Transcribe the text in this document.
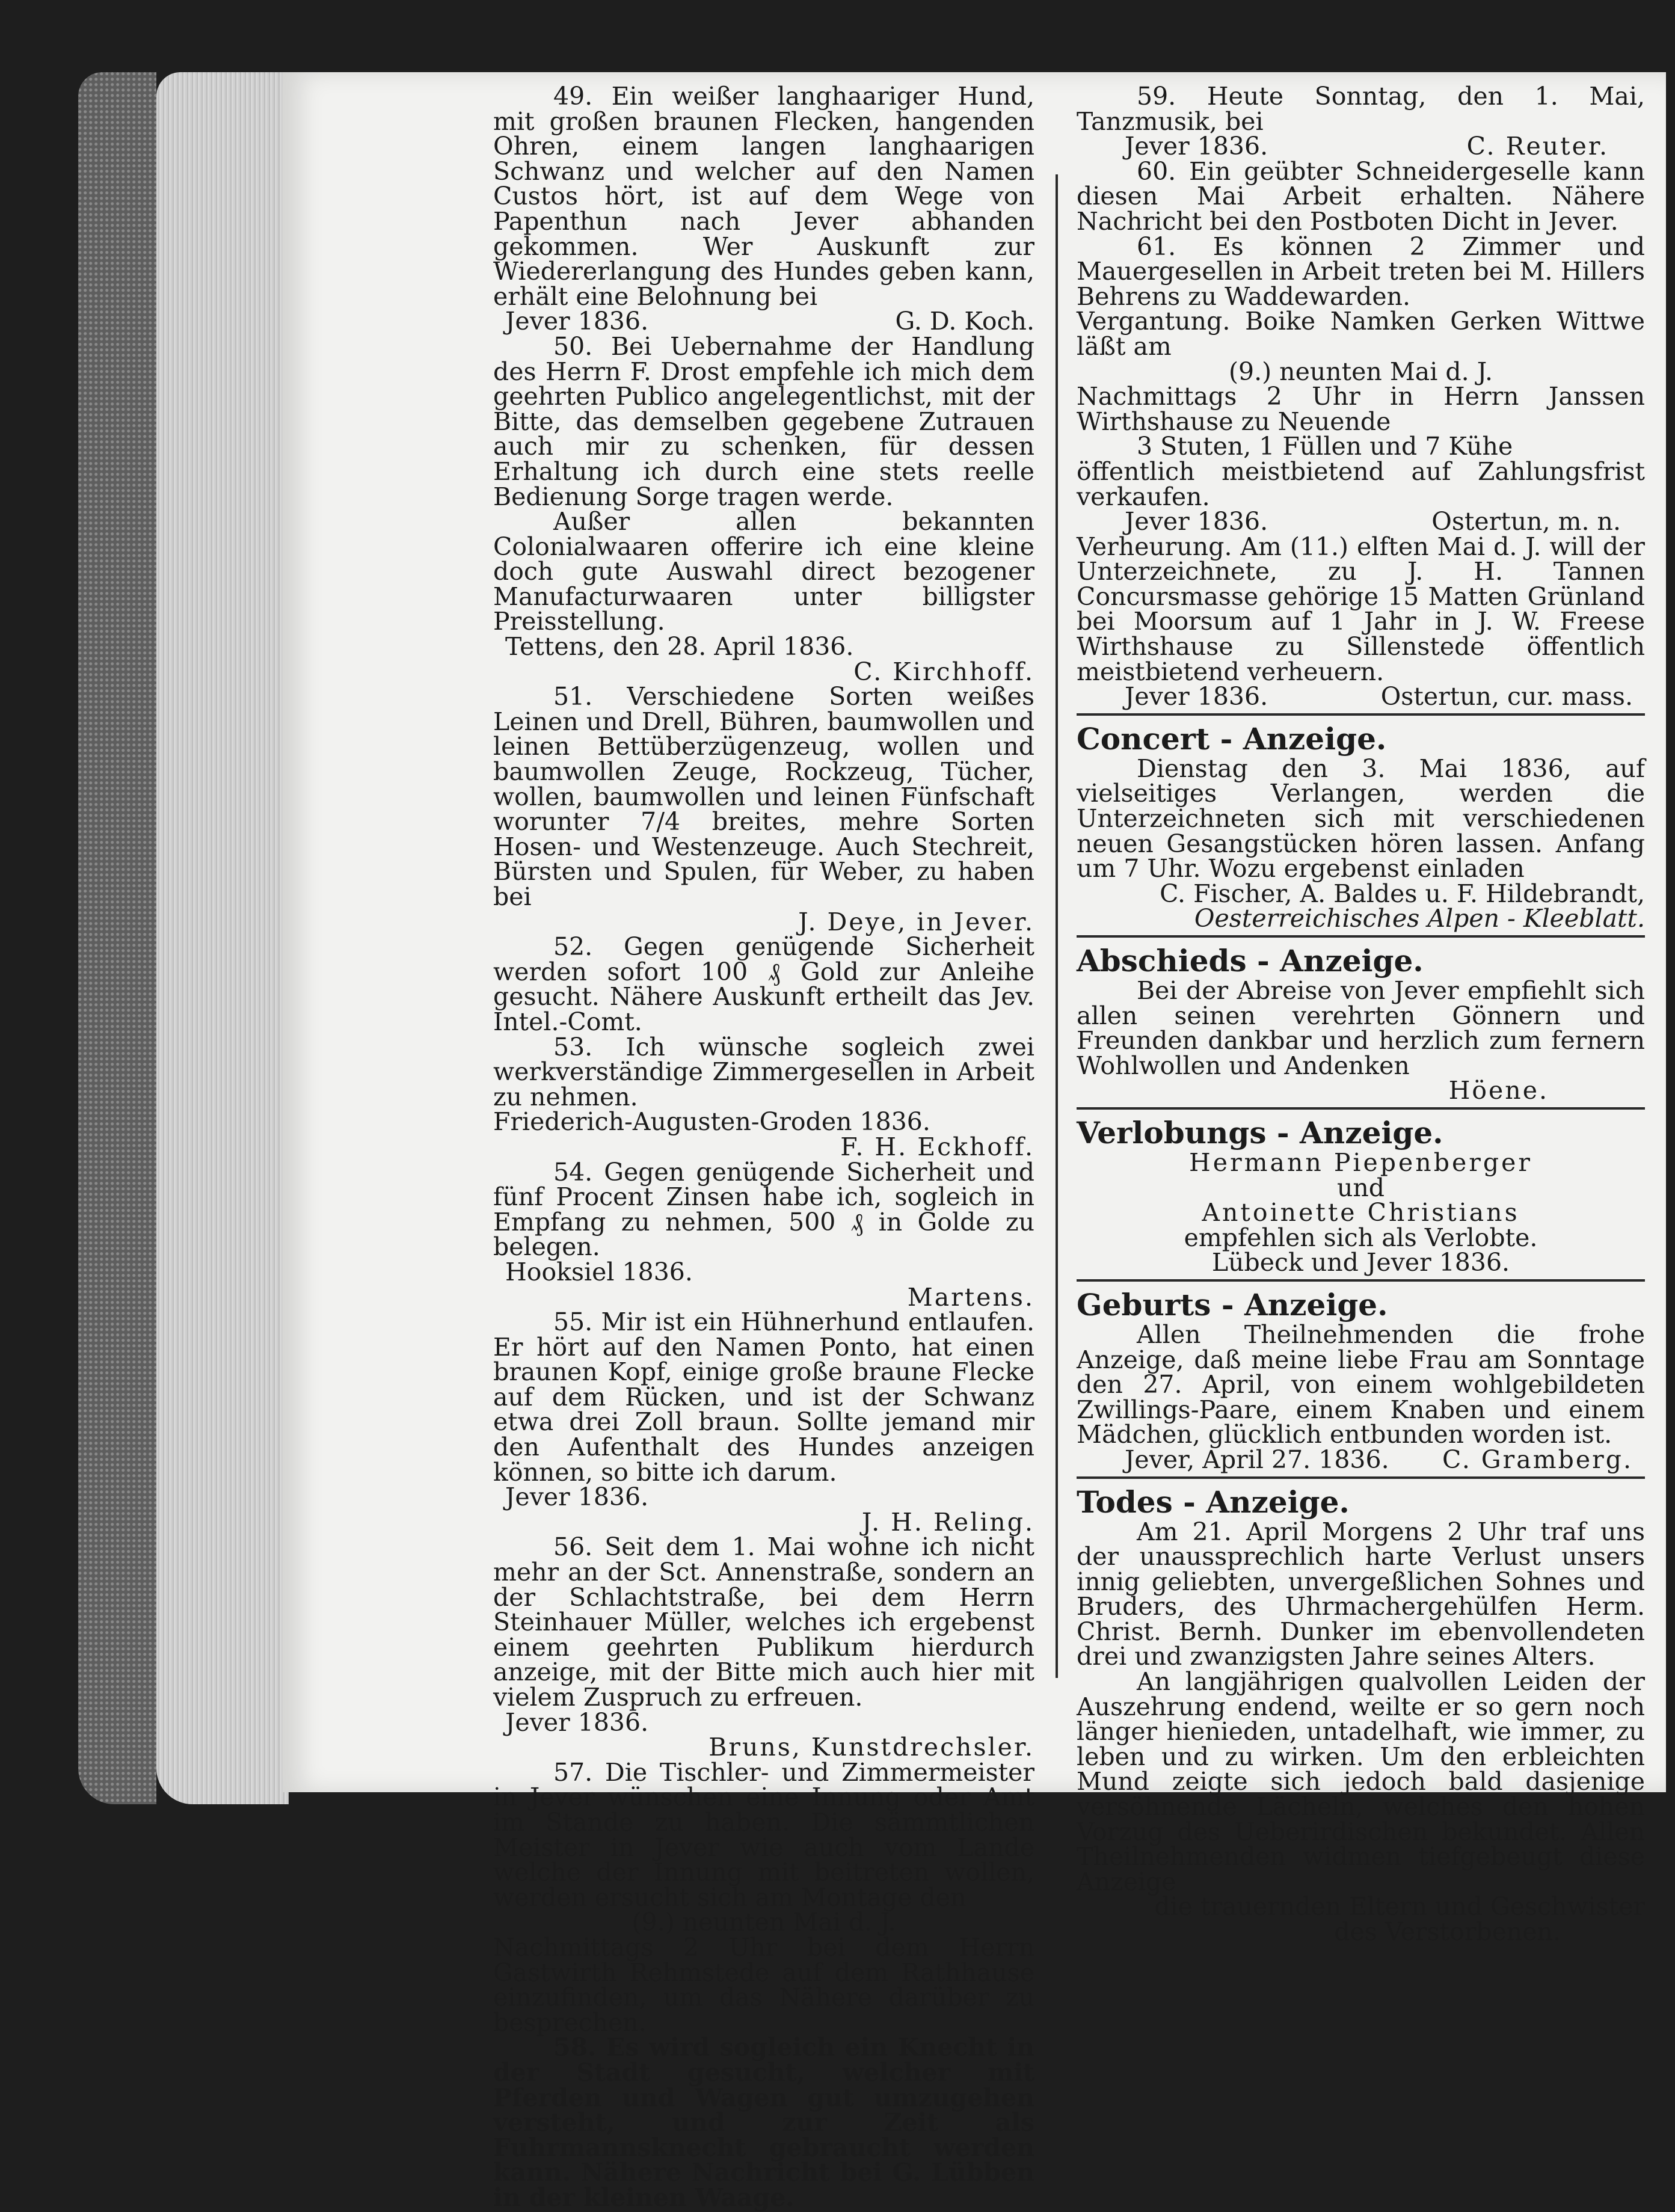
49. Ein weißer langhaariger Hund, mit großen braunen Flecken, hangenden Ohren, einem langen langhaarigen Schwanz und welcher auf den Namen Custos hört, ist auf dem Wege von Papenthun nach Jever abhanden gekommen. Wer Auskunft zur Wiedererlangung des Hundes geben kann, erhält eine Belohnung bei

Jever 1836.	G. D. Koch.

50. Bei Uebernahme der Handlung des Herrn F. Drost empfehle ich mich dem geehrten Publico angelegentlichst, mit der Bitte, das demselben gegebene Zutrauen auch mir zu schenken, für dessen Erhaltung ich durch eine stets reelle Bedienung Sorge tragen werde.

Außer allen bekannten Colonialwaaren offerire ich eine kleine doch gute Auswahl direct bezogener Manufacturwaaren unter billigster Preisstellung.

Tettens, den 28. April 1836.

C. Kirchhoff.

51. Verschiedene Sorten weißes Leinen und Drell, Bühren, baumwollen und leinen Bettüberzügenzeug, wollen und baumwollen Zeuge, Rockzeug, Tücher, wollen, baumwollen und leinen Fünfschaft worunter 7/4 breites, mehre Sorten Hosen- und Westenzeuge. Auch Stechreit, Bürsten und Spulen, für Weber, zu haben bei

J. Deye, in Jever.

52. Gegen genügende Sicherheit werden sofort 100 ₰ Gold zur Anleihe gesucht. Nähere Auskunft ertheilt das Jev. Intel.-Comt.

53. Ich wünsche sogleich zwei werkverständige Zimmergesellen in Arbeit zu nehmen.

Friederich-Augusten-Groden 1836.

F. H. Eckhoff.

54. Gegen genügende Sicherheit und fünf Procent Zinsen habe ich, sogleich in Empfang zu nehmen, 500 ₰ in Golde zu belegen.

Hooksiel 1836.

Martens.

55. Mir ist ein Hühnerhund entlaufen. Er hört auf den Namen Ponto, hat einen braunen Kopf, einige große braune Flecke auf dem Rücken, und ist der Schwanz etwa drei Zoll braun. Sollte jemand mir den Aufenthalt des Hundes anzeigen können, so bitte ich darum.

Jever 1836.

J. H. Reling.

56. Seit dem 1. Mai wohne ich nicht mehr an der Sct. Annenstraße, sondern an der Schlachtstraße, bei dem Herrn Steinhauer Müller, welches ich ergebenst einem geehrten Publikum hierdurch anzeige, mit der Bitte mich auch hier mit vielem Zuspruch zu erfreuen.

Jever 1836.

Bruns, Kunstdrechsler.

57. Die Tischler- und Zimmermeister in Jever wünschen eine Innung oder Amt im Stande zu haben. Die sämmtlichen Meister in Jever wie auch vom Lande welche der Innung mit beitreten wollen, werden ersucht sich am Montage den

(9.) neunten Mai d. J.

Nachmittags 2 Uhr bei dem Herrn Gastwirth Rehmstede auf dem Rathhause einzufinden, um das Nähere darüber zu besprechen.

58. Es wird sogleich ein Knecht in der Stadt gesucht, welcher mit Pferden und Wagen gut umzugehen versteht, und zur Zeit als Fuhrmannsknecht gebraucht werden kann. Nähere Nachricht bei G. Lübben in der kleinen Waage.

59. Heute Sonntag, den 1. Mai, Tanzmusik, bei

Jever 1836.	C. Reuter.

60. Ein geübter Schneidergeselle kann diesen Mai Arbeit erhalten. Nähere Nachricht bei den Postboten Dicht in Jever.

61. Es können 2 Zimmer und Mauergesellen in Arbeit treten bei M. Hillers Behrens zu Waddewarden.

Vergantung. Boike Namken Gerken Wittwe läßt am

(9.) neunten Mai d. J.

Nachmittags 2 Uhr in Herrn Janssen Wirthshause zu Neuende

3 Stuten, 1 Füllen und 7 Kühe

öffentlich meistbietend auf Zahlungsfrist verkaufen.

Jever 1836.	Ostertun, m. n.

Verheurung. Am (11.) elften Mai d. J. will der Unterzeichnete, zu J. H. Tannen Concursmasse gehörige 15 Matten Grünland bei Moorsum auf 1 Jahr in J. W. Freese Wirthshause zu Sillenstede öffentlich meistbietend verheuern.

Jever 1836.	Ostertun, cur. mass.

Concert - Anzeige.

Dienstag den 3. Mai 1836, auf vielseitiges Verlangen, werden die Unterzeichneten sich mit verschiedenen neuen Gesangstücken hören lassen. Anfang um 7 Uhr. Wozu ergebenst einladen

C. Fischer, A. Baldes u. F. Hildebrandt,

Oesterreichisches Alpen - Kleeblatt.

Abschieds - Anzeige.

Bei der Abreise von Jever empfiehlt sich allen seinen verehrten Gönnern und Freunden dankbar und herzlich zum fernern Wohlwollen und Andenken

Höene.

Verlobungs - Anzeige.

Hermann Piepenberger

und

Antoinette Christians

empfehlen sich als Verlobte.

Lübeck und Jever 1836.

Geburts - Anzeige.

Allen Theilnehmenden die frohe Anzeige, daß meine liebe Frau am Sonntage den 27. April, von einem wohlgebildeten Zwillings-Paare, einem Knaben und einem Mädchen, glücklich entbunden worden ist.

Jever, April 27. 1836. C. Gramberg.

Todes - Anzeige.

Am 21. April Morgens 2 Uhr traf uns der unaussprechlich harte Verlust unsers innig geliebten, unvergeßlichen Sohnes und Bruders, des Uhrmachergehülfen Herm. Christ. Bernh. Dunker im ebenvollendeten drei und zwanzigsten Jahre seines Alters.

An langjährigen qualvollen Leiden der Auszehrung endend, weilte er so gern noch länger hienieden, untadelhaft, wie immer, zu leben und zu wirken. Um den erbleichten Mund zeigte sich jedoch bald dasjenige versöhnende Lächeln, welches den hohen Vorzug des Ueberirdischen bekundet. Allen Theilnehmenden widmen tiefgebeugt diese Anzeige

die trauernden Eltern und Geschwister

des Verstorbenen.
